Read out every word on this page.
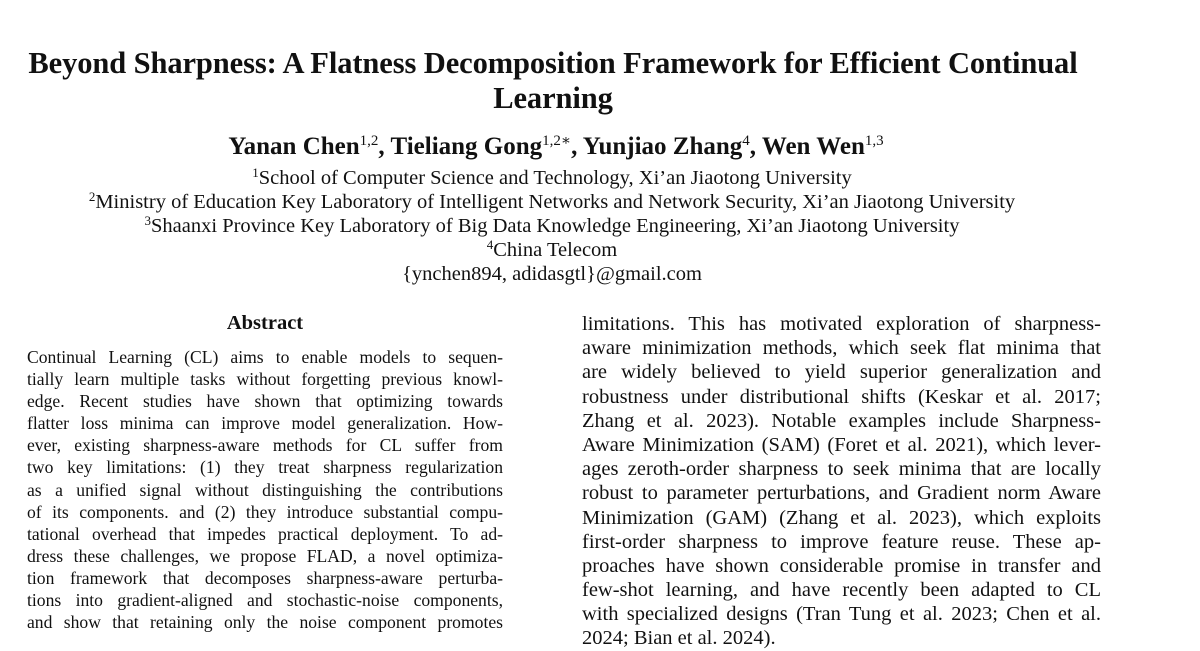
Beyond Sharpness: A Flatness Decomposition Framework for Efficient Continual
Learning
Yanan Chen$^{1,2}$, Tieliang Gong$^{1,2∗}$, Yunjiao Zhang$^4$, Wen Wen$^{1,3}$
$^1$School of Computer Science and Technology, Xi’an Jiaotong University
$^2$Ministry of Education Key Laboratory of Intelligent Networks and Network Security, Xi’an Jiaotong University
$^3$Shaanxi Province Key Laboratory of Big Data Knowledge Engineering, Xi’an Jiaotong University
$^4$China Telecom
{ynchen894, adidasgtl}@gmail.com
Abstract
Continual Learning (CL) aims to enable models to sequen-
tially learn multiple tasks without forgetting previous knowl-
edge. Recent studies have shown that optimizing towards
flatter loss minima can improve model generalization. How-
ever, existing sharpness-aware methods for CL suffer from
two key limitations: (1) they treat sharpness regularization
as a unified signal without distinguishing the contributions
of its components. and (2) they introduce substantial compu-
tational overhead that impedes practical deployment. To ad-
dress these challenges, we propose FLAD, a novel optimiza-
tion framework that decomposes sharpness-aware perturba-
tions into gradient-aligned and stochastic-noise components,
and show that retaining only the noise component promotes
limitations. This has motivated exploration of sharpness-
aware minimization methods, which seek flat minima that
are widely believed to yield superior generalization and
robustness under distributional shifts (Keskar et al. 2017;
Zhang et al. 2023). Notable examples include Sharpness-
Aware Minimization (SAM) (Foret et al. 2021), which lever-
ages zeroth-order sharpness to seek minima that are locally
robust to parameter perturbations, and Gradient norm Aware
Minimization (GAM) (Zhang et al. 2023), which exploits
first-order sharpness to improve feature reuse. These ap-
proaches have shown considerable promise in transfer and
few-shot learning, and have recently been adapted to CL
with specialized designs (Tran Tung et al. 2023; Chen et al.
2024; Bian et al. 2024).
